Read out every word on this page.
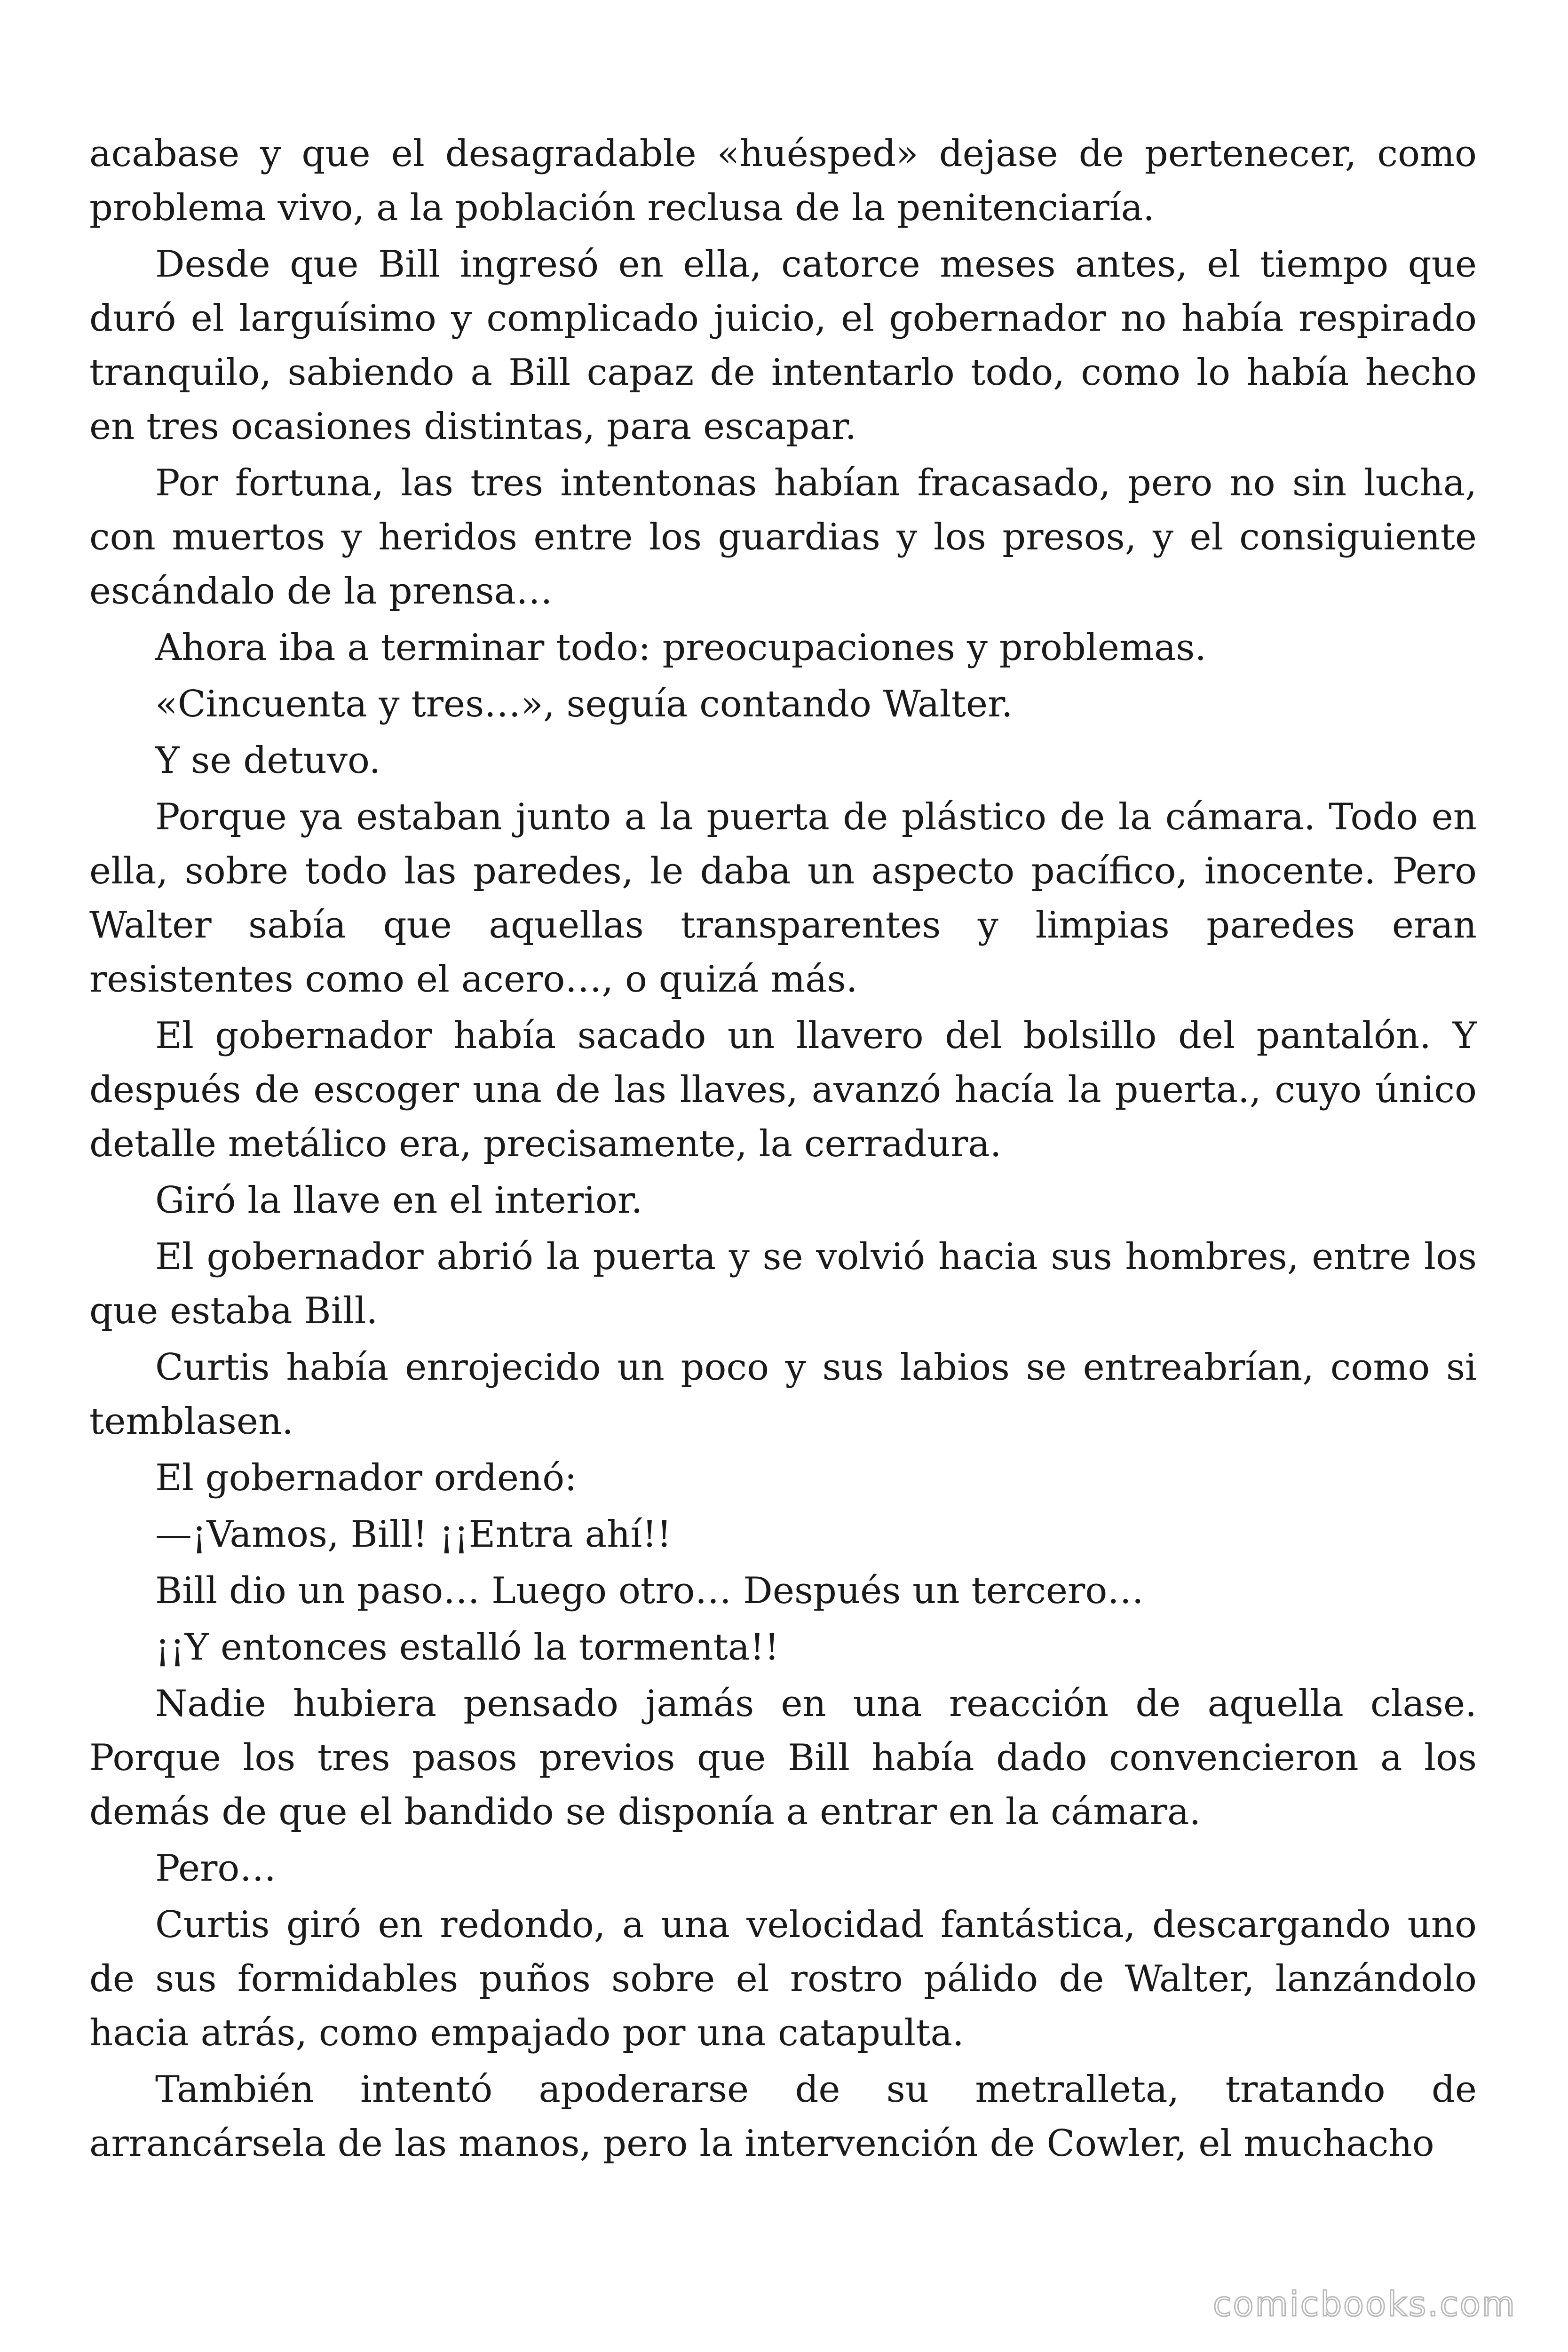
acabase y que el desagradable «huésped» dejase de pertenecer, como problema vivo, a la población reclusa de la penitenciaría.

Desde que Bill ingresó en ella, catorce meses antes, el tiempo que duró el larguísimo y complicado juicio, el gobernador no había respirado tranquilo, sabiendo a Bill capaz de intentarlo todo, como lo había hecho en tres ocasiones distintas, para escapar.

Por fortuna, las tres intentonas habían fracasado, pero no sin lucha, con muertos y heridos entre los guardias y los presos, y el consiguiente escándalo de la prensa…

Ahora iba a terminar todo: preocupaciones y problemas.

«Cincuenta y tres…», seguía contando Walter.

Y se detuvo.

Porque ya estaban junto a la puerta de plástico de la cámara. Todo en ella, sobre todo las paredes, le daba un aspecto pacífico, inocente. Pero Walter sabía que aquellas transparentes y limpias paredes eran resistentes como el acero…, o quizá más.

El gobernador había sacado un llavero del bolsillo del pantalón. Y después de escoger una de las llaves, avanzó hacía la puerta., cuyo único detalle metálico era, precisamente, la cerradura.

Giró la llave en el interior.

El gobernador abrió la puerta y se volvió hacia sus hombres, entre los que estaba Bill.

Curtis había enrojecido un poco y sus labios se entreabrían, como si temblasen.

El gobernador ordenó:

—¡Vamos, Bill! ¡¡Entra ahí!!

Bill dio un paso… Luego otro… Después un tercero…

¡¡Y entonces estalló la tormenta!!

Nadie hubiera pensado jamás en una reacción de aquella clase. Porque los tres pasos previos que Bill había dado convencieron a los demás de que el bandido se disponía a entrar en la cámara.

Pero…

Curtis giró en redondo, a una velocidad fantástica, descargando uno de sus formidables puños sobre el rostro pálido de Walter, lanzándolo hacia atrás, como empajado por una catapulta.

También intentó apoderarse de su metralleta, tratando de arrancársela de las manos, pero la intervención de Cowler, el muchacho

comicbooks.com
